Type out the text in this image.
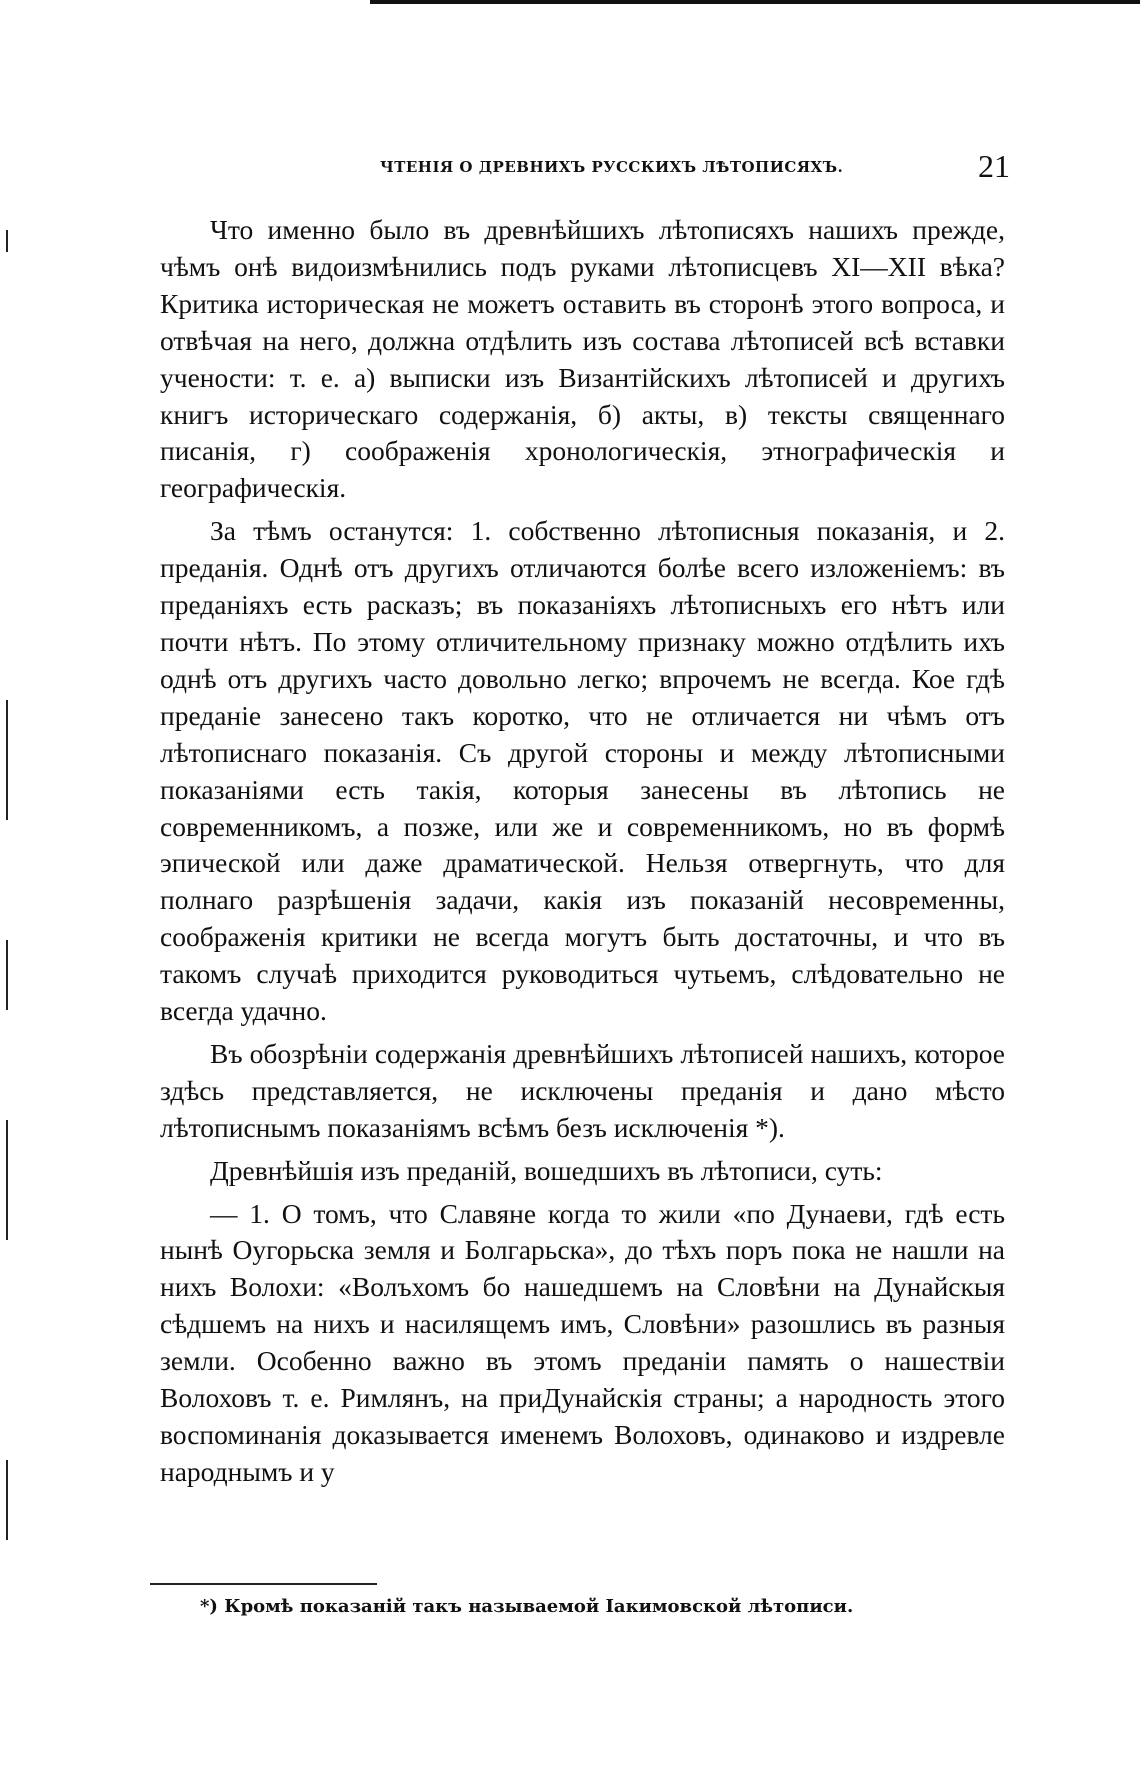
ЧТЕНІЯ О ДРЕВНИХЪ РУССКИХЪ ЛѢТОПИСЯХЪ.	21

Что именно было въ древнѣйшихъ лѣтописяхъ нашихъ прежде, чѣмъ онѣ видоизмѣнились подъ руками лѣтописцевъ XI—XII вѣка? Критика историческая не можетъ оставить въ сторонѣ этого вопроса, и отвѣчая на него, должна отдѣлить изъ состава лѣтописей всѣ вставки учености: т. е. а) выписки изъ Византійскихъ лѣтописей и другихъ книгъ историческаго содержанія, б) акты, в) тексты священнаго писанія, г) соображенія хронологическія, этнографическія и географическія.

За тѣмъ останутся: 1. собственно лѣтописныя показанія, и 2. преданія. Однѣ отъ другихъ отличаются болѣе всего изложеніемъ: въ преданіяхъ есть расказъ; въ показаніяхъ лѣтописныхъ его нѣтъ или почти нѣтъ. По этому отличительному признаку можно отдѣлить ихъ однѣ отъ другихъ часто довольно легко; впрочемъ не всегда. Кое гдѣ преданіе занесено такъ коротко, что не отличается ни чѣмъ отъ лѣтописнаго показанія. Съ другой стороны и между лѣтописными показаніями есть такія, которыя занесены въ лѣтопись не современникомъ, а позже, или же и современникомъ, но въ формѣ эпической или даже драматической. Нельзя отвергнуть, что для полнаго разрѣшенія задачи, какія изъ показаній несовременны, соображенія критики не всегда могутъ быть достаточны, и что въ такомъ случаѣ приходится руководиться чутьемъ, слѣдовательно не всегда удачно.

Въ обозрѣніи содержанія древнѣйшихъ лѣтописей нашихъ, которое здѣсь представляется, не исключены преданія и дано мѣсто лѣтописнымъ показаніямъ всѣмъ безъ исключенія *).

Древнѣйшія изъ преданій, вошедшихъ въ лѣтописи, суть:

— 1. О томъ, что Славяне когда то жили «по Дунаеви, гдѣ есть нынѣ Оугорьска земля и Болгарьска», до тѣхъ поръ пока не нашли на нихъ Волохи: «Волъхомъ бо нашедшемъ на Словѣни на Дунайскыя сѣдшемъ на нихъ и насилящемъ имъ, Словѣни» разошлись въ разныя земли. Особенно важно въ этомъ преданіи память о нашествіи Волоховъ т. е. Римлянъ, на приДунайскія страны; а народность этого воспоминанія доказывается именемъ Волоховъ, одинаково и издревле народнымъ и у

*) Кромѣ показаній такъ называемой Іакимовской лѣтописи.
